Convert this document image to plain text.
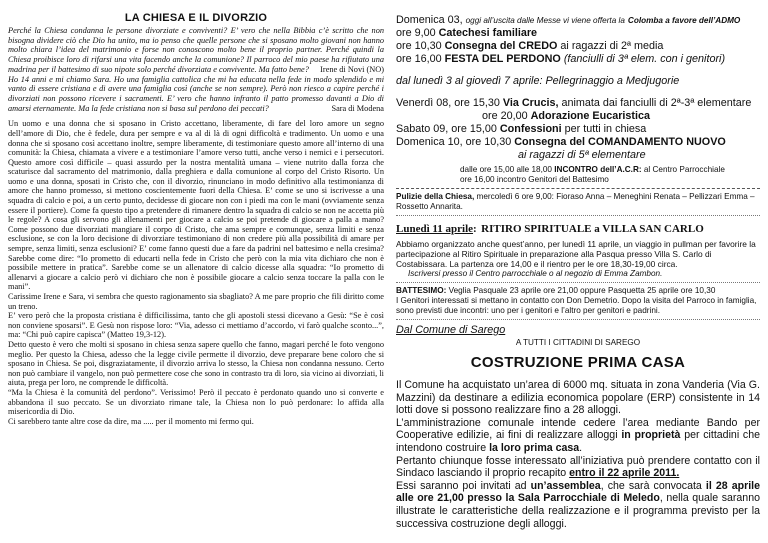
LA CHIESA E IL DIVORZIO

Perché la Chiesa condanna le persone divorziate e conviventi? E’ vero che nella Bibbia c’è scritto che non bisogna dividere ciò che Dio ha unito, ma io penso che quelle persone che si sposano molto giovani non hanno molto chiara l’idea del matrimonio e forse non conoscono molto bene il proprio partner. Perché quindi la Chiesa proibisce loro di rifarsi una vita facendo anche la comunione? Il parroco del mio paese ha rifiutato una madrina per il battesimo di suo nipote solo perché divorziata e convivente. Ma fatto bene? Irene di Novi (NO)

Ho 14 anni e mi chiamo Sara. Ho una famiglia cattolica che mi ha educata nella fede in modo splendido e mi vanto di essere cristiana e di avere una famiglia così (anche se non sempre). Però non riesco a capire perché i divorziati non possono ricevere i sacramenti. E’ vero che hanno infranto il patto promesso davanti a Dio di amarsi eternamente. Ma la fede cristiana non si basa sul perdono dei peccati?	Sara di Modena

Un uomo e una donna che si sposano in Cristo accettano, liberamente, di fare del loro amore un segno dell’amore di Dio, che è fedele, dura per sempre e va al di là di ogni difficoltà e tradimento. Un uomo e una donna che si sposano così accettano inoltre, sempre liberamente, di testimoniare questo amore all’interno di una comunità: la Chiesa, chiamata a vivere e a testimoniare l’amore verso tutti, anche verso i nemici e i persecutori. Questo amore così difficile – quasi assurdo per la nostra mentalità umana – viene nutrito dalla forza che scaturisce dal sacramento del matrimonio, dalla preghiera e dalla comunione al corpo del Cristo Risorto. Un uomo e una donna, sposati in Cristo che, con il divorzio, rinunciano in modo definitivo alla testimonianza di amore che hanno promesso, si mettono coscientemente fuori della Chiesa. E’ come se uno si iscrivesse a una squadra di calcio e poi, a un certo punto, decidesse di giocare non con i piedi ma con le mani (ovviamente senza essere il portiere). Come fa questo tipo a pretendere di rimanere dentro la squadra di calcio se non ne accetta più le regole? A cosa gli servono gli allenamenti per giocare a calcio se poi pretende di giocare a palla a mano? Come possono due divorziati mangiare il corpo di Cristo, che ama sempre e comunque, senza limiti e senza esclusione, se con la loro decisione di divorziare testimoniano di non credere più alla possibilità di amare per sempre, senza limiti, senza esclusioni? E’ come fanno questi due a fare da padrini nel battesimo e nella cresima? Sarebbe come dire: “Io prometto di educarti nella fede in Cristo che però con la mia vita dichiaro che non è possibile mettere in pratica”. Sarebbe come se un allenatore di calcio dicesse alla squadra: “Io prometto di allenarvi a giocare a calcio però vi dichiaro che non è possibile giocare a calcio senza toccare la palla con le mani”.

Carissime Irene e Sara, vi sembra che questo ragionamento sia sbagliato? A me pare proprio che fili diritto come un treno.

E’ vero però che la proposta cristiana è difficilissima, tanto che gli apostoli stessi dicevano a Gesù: “Se è così non conviene sposarsi”. E Gesù non rispose loro: “Via, adesso ci mettiamo d’accordo, vi farò qualche sconto...”, ma: “Chi può capire capisca” (Matteo 19,3-12).

Detto questo è vero che molti si sposano in chiesa senza sapere quello che fanno, magari perché le foto vengono meglio. Per questo la Chiesa, adesso che la legge civile permette il divorzio, deve preparare bene coloro che si sposano in Chiesa. Se poi, disgraziatamente, il divorzio arriva lo stesso, la Chiesa non condanna nessuno. Certo non può cambiare il vangelo, non può permettere cose che sono in contrasto tra di loro, sia vicino ai divorziati, li aiuta, prega per loro, ne comprende le difficoltà.

“Ma la Chiesa è la comunità del perdono”. Verissimo! Però il peccato è perdonato quando uno si converte e abbandona il suo peccato. Se un divorziato rimane tale, la Chiesa non lo può perdonare: lo affida alla misericordia di Dio.

Ci sarebbero tante altre cose da dire, ma ..... per il momento mi fermo qui.

Domenica 03, oggi all’uscita dalle Messe vi viene offerta la Colomba a favore dell’ADMO

ore 9,00 Catechesi familiare

ore 10,30 Consegna del CREDO ai ragazzi di 2ª media

ore 16,00 FESTA DEL PERDONO (fanciulli di 3ª elem. con i genitori)

dal lunedì 3 al giovedì 7 aprile: Pellegrinaggio a Medjugorie

Venerdì 08, ore 15,30 Via Crucis, animata dai fanciulli di 2ª-3ª elementare

ore 20,00 Adorazione Eucaristica

Sabato 09, ore 15,00 Confessioni per tutti in chiesa

Domenica 10, ore 10,30 Consegna del COMANDAMENTO NUOVO

ai ragazzi di 5ª elementare

dalle ore 15,00 alle 18,00 INCONTRO dell’A.C.R: al Centro Parrocchiale

ore 16,00 incontro Genitori del Battesimo

Pulizie della Chiesa, mercoledì 6 ore 9,00: Fioraso Anna – Meneghini Renata – Pellizzari Emma – Rossetto Annarita.

Lunedì 11 aprile: RITIRO SPIRITUALE a VILLA SAN CARLO

Abbiamo organizzato anche quest’anno, per lunedì 11 aprile, un viaggio in pullman per favorire la partecipazione al Ritiro Spirituale in preparazione alla Pasqua presso Villa S. Carlo di Costabissara. La partenza ore 14,00 e il rientro per le ore 18,30-19,00 circa.

Iscriversi presso il Centro parrocchiale o al negozio di Emma Zambon.

BATTESIMO: Veglia Pasquale 23 aprile ore 21,00 oppure Pasquetta 25 aprile ore 10,30

I Genitori interessati si mettano in contatto con Don Demetrio. Dopo la visita del Parroco in famiglia, sono previsti due incontri: uno per i genitori e l’altro per genitori e padrini.

Dal Comune di Sarego

A TUTTI I CITTADINI DI SAREGO

COSTRUZIONE PRIMA CASA

Il Comune ha acquistato un’area di 6000 mq. situata in zona Vanderia (Via G. Mazzini) da destinare a edilizia economica popolare (ERP) consistente in 14 lotti dove si possono realizzare fino a 28 alloggi.

L’amministrazione comunale intende cedere l’area mediante Bando per Cooperative edilizie, ai fini di realizzare alloggi in proprietà per cittadini che intendono costruire la loro prima casa.

Pertanto chiunque fosse interessato all’iniziativa può prendere contatto con il Sindaco lasciando il proprio recapito entro il 22 aprile 2011.

Essi saranno poi invitati ad un’assemblea, che sarà convocata il 28 aprile alle ore 21,00 presso la Sala Parrocchiale di Meledo, nella quale saranno illustrate le caratteristiche della realizzazione e il programma previsto per la successiva costruzione degli alloggi.
